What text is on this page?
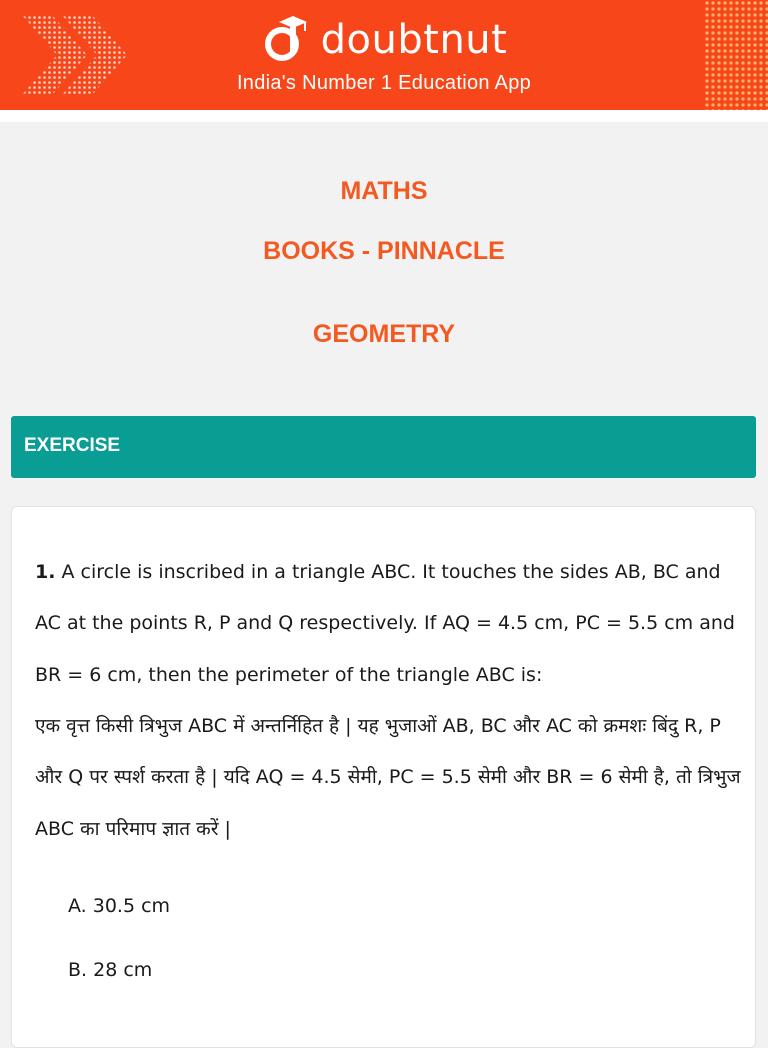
doubtnut
India's Number 1 Education App
MATHS
BOOKS - PINNACLE
GEOMETRY
EXERCISE
1. A circle is inscribed in a triangle ABC. It touches the sides AB, BC and AC at the points R, P and Q respectively. If AQ = 4.5 cm, PC = 5.5 cm and BR = 6 cm, then the perimeter of the triangle ABC is:
एक वृत्त किसी त्रिभुज ABC में अन्तर्निहित है | यह भुजाओं AB, BC और AC को क्रमशः बिंदु R, P और Q पर स्पर्श करता है | यदि AQ = 4.5 सेमी, PC = 5.5 सेमी और BR = 6 सेमी है, तो त्रिभुज ABC का परिमाप ज्ञात करें |
A. 30.5 cm
B. 28 cm
